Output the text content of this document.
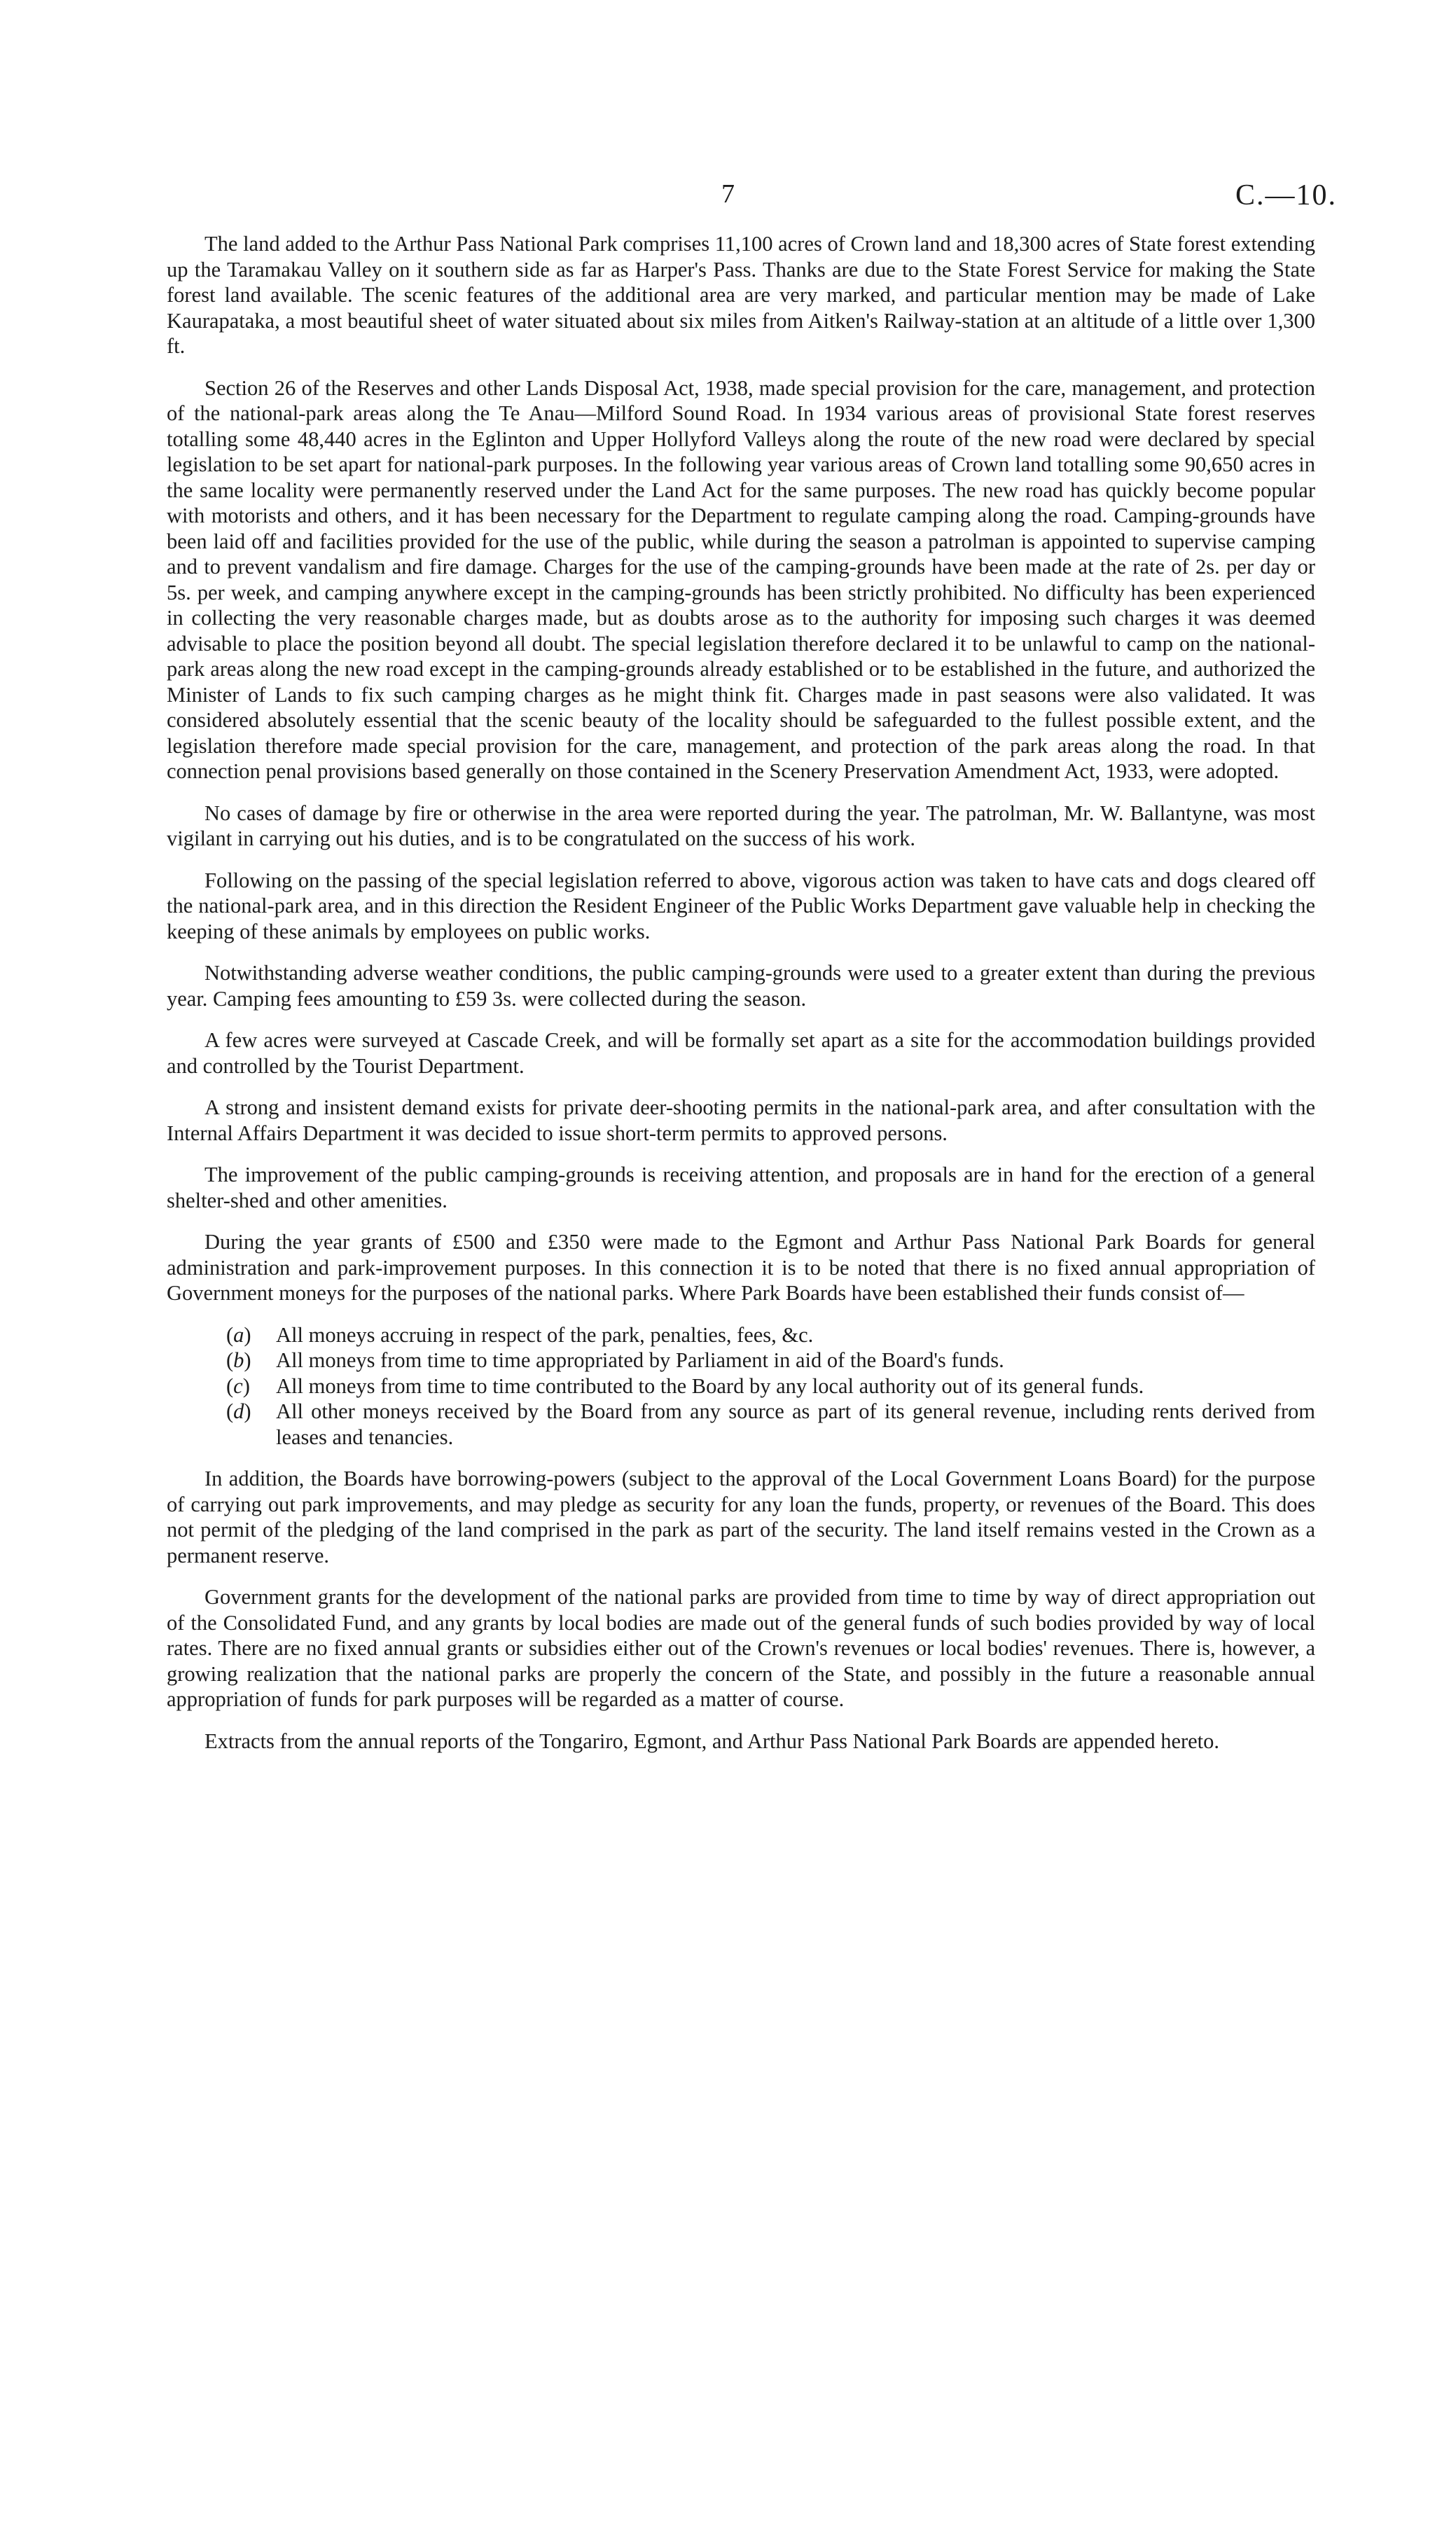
7	C.—10.

The land added to the Arthur Pass National Park comprises 11,100 acres of Crown land and 18,300 acres of State forest extending up the Taramakau Valley on it southern side as far as Harper's Pass. Thanks are due to the State Forest Service for making the State forest land available. The scenic features of the additional area are very marked, and particular mention may be made of Lake Kaurapataka, a most beautiful sheet of water situated about six miles from Aitken's Railway-station at an altitude of a little over 1,300 ft.

Section 26 of the Reserves and other Lands Disposal Act, 1938, made special provision for the care, management, and protection of the national-park areas along the Te Anau—Milford Sound Road. In 1934 various areas of provisional State forest reserves totalling some 48,440 acres in the Eglinton and Upper Hollyford Valleys along the route of the new road were declared by special legislation to be set apart for national-park purposes. In the following year various areas of Crown land totalling some 90,650 acres in the same locality were permanently reserved under the Land Act for the same purposes. The new road has quickly become popular with motorists and others, and it has been necessary for the Department to regulate camping along the road. Camping-grounds have been laid off and facilities provided for the use of the public, while during the season a patrolman is appointed to supervise camping and to prevent vandalism and fire damage. Charges for the use of the camping-grounds have been made at the rate of 2s. per day or 5s. per week, and camping anywhere except in the camping-grounds has been strictly prohibited. No difficulty has been experienced in collecting the very reasonable charges made, but as doubts arose as to the authority for imposing such charges it was deemed advisable to place the position beyond all doubt. The special legislation therefore declared it to be unlawful to camp on the national-park areas along the new road except in the camping-grounds already established or to be established in the future, and authorized the Minister of Lands to fix such camping charges as he might think fit. Charges made in past seasons were also validated. It was considered absolutely essential that the scenic beauty of the locality should be safeguarded to the fullest possible extent, and the legislation therefore made special provision for the care, management, and protection of the park areas along the road. In that connection penal provisions based generally on those contained in the Scenery Preservation Amendment Act, 1933, were adopted.

No cases of damage by fire or otherwise in the area were reported during the year. The patrolman, Mr. W. Ballantyne, was most vigilant in carrying out his duties, and is to be congratulated on the success of his work.

Following on the passing of the special legislation referred to above, vigorous action was taken to have cats and dogs cleared off the national-park area, and in this direction the Resident Engineer of the Public Works Department gave valuable help in checking the keeping of these animals by employees on public works.

Notwithstanding adverse weather conditions, the public camping-grounds were used to a greater extent than during the previous year. Camping fees amounting to £59 3s. were collected during the season.

A few acres were surveyed at Cascade Creek, and will be formally set apart as a site for the accommodation buildings provided and controlled by the Tourist Department.

A strong and insistent demand exists for private deer-shooting permits in the national-park area, and after consultation with the Internal Affairs Department it was decided to issue short-term permits to approved persons.

The improvement of the public camping-grounds is receiving attention, and proposals are in hand for the erection of a general shelter-shed and other amenities.

During the year grants of £500 and £350 were made to the Egmont and Arthur Pass National Park Boards for general administration and park-improvement purposes. In this connection it is to be noted that there is no fixed annual appropriation of Government moneys for the purposes of the national parks. Where Park Boards have been established their funds consist of—

(a)	All moneys accruing in respect of the park, penalties, fees, &c.
(b)	All moneys from time to time appropriated by Parliament in aid of the Board's funds.
(c)	All moneys from time to time contributed to the Board by any local authority out of its general funds.
(d)	All other moneys received by the Board from any source as part of its general revenue, including rents derived from leases and tenancies.

In addition, the Boards have borrowing-powers (subject to the approval of the Local Government Loans Board) for the purpose of carrying out park improvements, and may pledge as security for any loan the funds, property, or revenues of the Board. This does not permit of the pledging of the land comprised in the park as part of the security. The land itself remains vested in the Crown as a permanent reserve.

Government grants for the development of the national parks are provided from time to time by way of direct appropriation out of the Consolidated Fund, and any grants by local bodies are made out of the general funds of such bodies provided by way of local rates. There are no fixed annual grants or subsidies either out of the Crown's revenues or local bodies' revenues. There is, however, a growing realization that the national parks are properly the concern of the State, and possibly in the future a reasonable annual appropriation of funds for park purposes will be regarded as a matter of course.

Extracts from the annual reports of the Tongariro, Egmont, and Arthur Pass National Park Boards are appended hereto.
